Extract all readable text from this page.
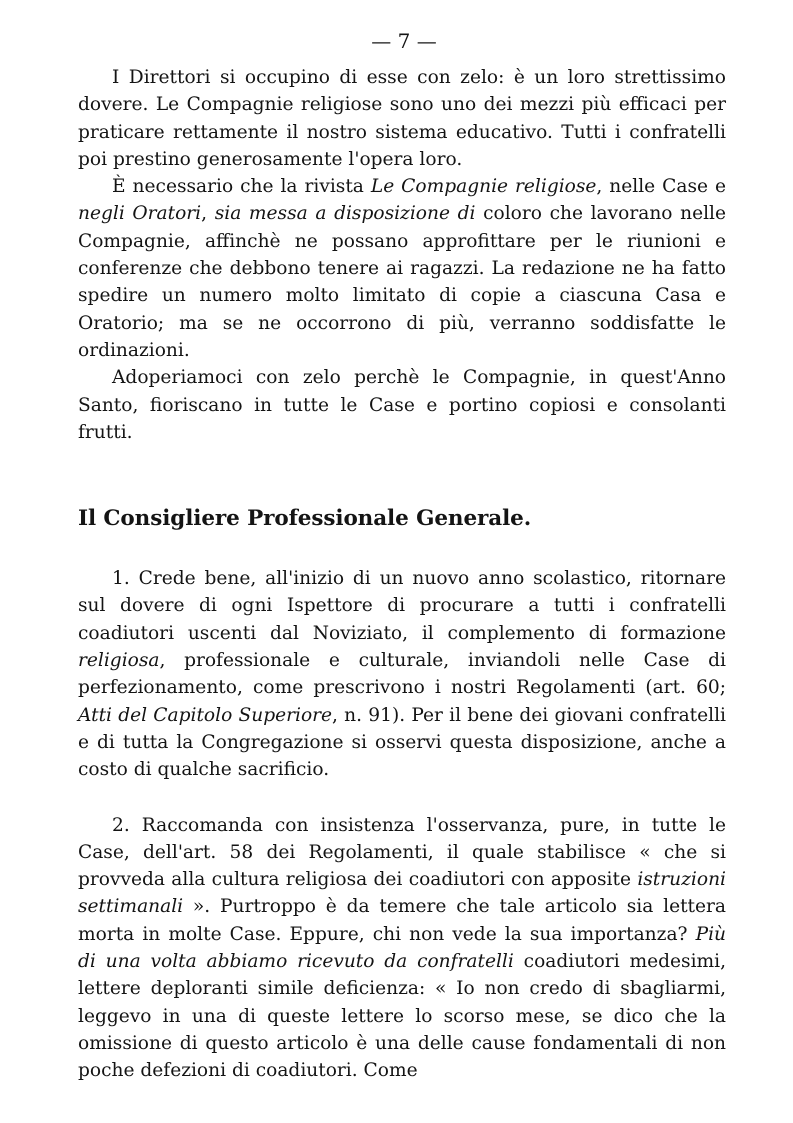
— 7 —

I Direttori si occupino di esse con zelo: è un loro strettissimo dovere. Le Compagnie religiose sono uno dei mezzi più efficaci per praticare rettamente il nostro sistema educativo. Tutti i confratelli poi prestino generosamente l'opera loro.

È necessario che la rivista Le Compagnie religiose, nelle Case e negli Oratori, sia messa a disposizione di coloro che lavorano nelle Compagnie, affinchè ne possano approfittare per le riunioni e conferenze che debbono tenere ai ragazzi. La redazione ne ha fatto spedire un numero molto limitato di copie a ciascuna Casa e Oratorio; ma se ne occorrono di più, verranno soddisfatte le ordinazioni.

Adoperiamoci con zelo perchè le Compagnie, in quest'Anno Santo, fioriscano in tutte le Case e portino copiosi e consolanti frutti.

Il Consigliere Professionale Generale.

1. Crede bene, all'inizio di un nuovo anno scolastico, ritornare sul dovere di ogni Ispettore di procurare a tutti i confratelli coadiutori uscenti dal Noviziato, il complemento di formazione religiosa, professionale e culturale, inviandoli nelle Case di perfezionamento, come prescrivono i nostri Regolamenti (art. 60; Atti del Capitolo Superiore, n. 91). Per il bene dei giovani confratelli e di tutta la Congregazione si osservi questa disposizione, anche a costo di qualche sacrificio.

2. Raccomanda con insistenza l'osservanza, pure, in tutte le Case, dell'art. 58 dei Regolamenti, il quale stabilisce « che si provveda alla cultura religiosa dei coadiutori con apposite istruzioni settimanali ». Purtroppo è da temere che tale articolo sia lettera morta in molte Case. Eppure, chi non vede la sua importanza? Più di una volta abbiamo ricevuto da confratelli coadiutori medesimi, lettere deploranti simile deficienza: « Io non credo di sbagliarmi, leggevo in una di queste lettere lo scorso mese, se dico che la omissione di questo articolo è una delle cause fondamentali di non poche defezioni di coadiutori. Come
